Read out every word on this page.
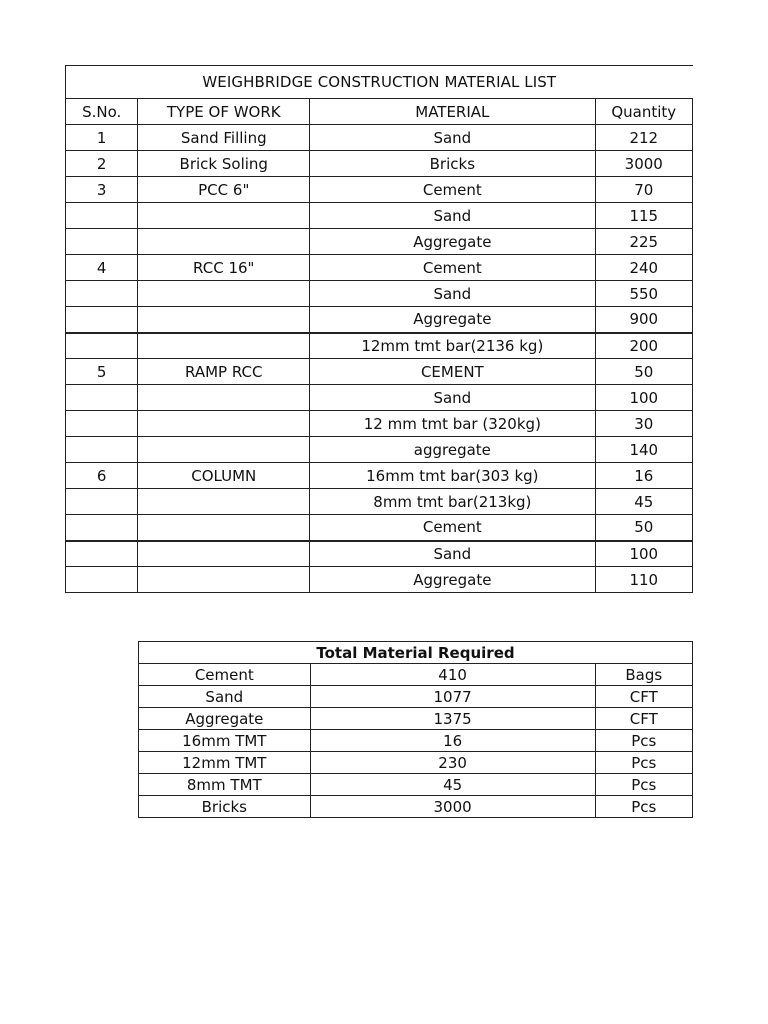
WEIGHBRIDGE CONSTRUCTION MATERIAL LIST			
S.No.	TYPE OF WORK	MATERIAL	Quantity
1	Sand Filling	Sand	212
2	Brick Soling	Bricks	3000
3	PCC 6"	Cement	70
		Sand	115
		Aggregate	225
4	RCC 16"	Cement	240
		Sand	550
		Aggregate	900
		12mm tmt bar(2136 kg)	200
5	RAMP RCC	CEMENT	50
		Sand	100
		12 mm tmt bar (320kg)	30
		aggregate	140
6	COLUMN	16mm tmt bar(303 kg)	16
		8mm tmt bar(213kg)	45
		Cement	50
		Sand	100
		Aggregate	110
Total Material Required		
Cement	410	Bags
Sand	1077	CFT
Aggregate	1375	CFT
16mm TMT	16	Pcs
12mm TMT	230	Pcs
8mm TMT	45	Pcs
Bricks	3000	Pcs
